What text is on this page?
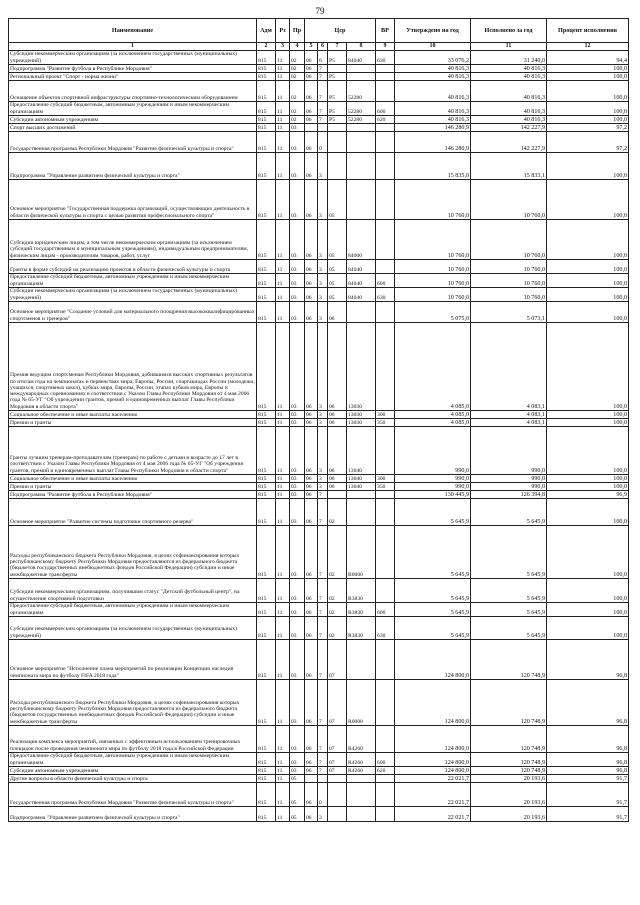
79
Наименование	Адм	Рз	Пр	Цср				ВР	Утверждено на год	Исполнено за год	Процент исполнения
1	2	3	4	5	6	7	8	9	10	11	12
Субсидии некоммерческим организациям (за исключением государственных (муниципальных) учреждений)	815	11	02	06	6	Р5	84040	630	33 076,2	31 240,0	94,4
Подпрограмма "Развитие футбола в Республике Мордовия"	815	11	02	06	7				40 816,3	40 816,3	100,0
Региональный проект "Спорт - норма жизни"	815	11	02	06	7	Р5			40 816,3	40 816,3	100,0
Оснащение объектов спортивной инфраструктуры спортивно-технологическим оборудованием	815	11	02	06	7	Р5	52280		40 816,3	40 816,3	100,0
Предоставление субсидий бюджетным, автономным учреждениям и иным некоммерческим организациям	815	11	02	06	7	Р5	52280	600	40 816,3	40 816,3	100,0
Субсидии автономным учреждениям	815	11	02	06	7	Р5	52280	620	40 816,3	40 816,3	100,0
Спорт высших достижений	815	11	03						146 280,9	142 227,9	97,2
Государственная программа Республики Мордовия "Развитие физической культуры и спорта"	815	11	03	06	0				146 280,9	142 227,9	97,2
Подпрограмма "Управление развитием физической культуры и спорта"	815	11	03	06	3				15 835,0	15 833,1	100,0
Основное мероприятие "Государственная поддержка организаций, осуществляющих деятельность в области физической культуры и спорта с целью развития профессионального спорта"	815	11	03	06	3	05			10 760,0	10 760,0	100,0
Субсидии юридическим лицам, а том числе некоммерческим организациям (за исключением субсидий государственным и муниципальным учреждениям), индивидуальным предпринимателям, физическим лицам - производителям товаров, работ, услуг	815	11	03	06	3	05	84000		10 760,0	10 760,0	100,0
Гранты в форме субсидий на реализацию проектов в области физической культуры и спорта	815	11	03	06	3	05	84040		10 760,0	10 760,0	100,0
Предоставление субсидий бюджетным, автономным учреждениям и иным некоммерческим организациям	815	11	03	06	3	05	84040	600	10 760,0	10 760,0	100,0
Субсидии некоммерческим организациям (за исключением государственных (муниципальных) учреждений)	815	11	03	06	3	05	84040	630	10 760,0	10 760,0	100,0
Основное мероприятие "Создание условий для материального поощрения высококвалифицированных спортсменов и тренеров"	815	11	03	06	3	06			5 075,0	5 073,1	100,0
Премия ведущим спортсменам Республики Мордовия, добившимся высоких спортивных результатов по итогам года на чемпионатах и первенствах мира, Европы, России, спартакиадах России (молодежи, учащихся, спортивных школ), кубках мира, Европы, России, этапах кубков мира, Европы и международных соревнованиях в соответствии с Указом Главы Республики Мордовия от 4 мая 2006 года № 65-УГ "Об учреждении грантов, премий и единовременных выплат Главы Республики Мордовия в области спорта"	815	11	03	06	3	06	13030		4 085,0	4 083,1	100,0
Социальное обеспечение и иные выплаты населению	815	11	03	06	3	06	13030	300	4 085,0	4 083,1	100,0
Премии и гранты	815	11	03	06	3	06	13030	350	4 085,0	4 083,1	100,0
Гранты лучшим тренерам-преподавателям (тренерам) по работе с детьми в возрасте до 17 лет в соответствии с Указом Главы Республики Мордовия от 4 мая 2006 года № 65-УГ "Об учреждении грантов, премий и единовременных выплат Главы Республики Мордовия в области спорта"	815	11	03	06	3	06	13040		990,0	990,0	100,0
Социальное обеспечение и иные выплаты населению	815	11	03	06	3	06	13040	300	990,0	990,0	100,0
Премии и гранты	815	11	03	06	3	06	13040	350	990,0	990,0	100,0
Подпрограмма "Развитие футбола в Республике Мордовия"	815	11	03	06	7				130 445,9	126 394,8	96,9
Основное мероприятие "Развитие системы подготовки спортивного резерва"	815	11	03	06	7	02			5 645,9	5 645,9	100,0
Расходы республиканского бюджета Республики Мордовия, в целях софинансирования которых республиканскому бюджету Республики Мордовия предоставляются из федерального бюджета (бюджетов государственных внебюджетных фондов Российской Федерации) субсидии и иные межбюджетные трансферты	815	11	03	06	7	02	R0000		5 645,9	5 645,9	100,0
Субсидии некоммерческим организациям, получившим статус "Детский футбольный центр", на осуществление спортивной подготовки	815	11	03	06	7	02	R3830		5 645,9	5 645,9	100,0
Предоставление субсидий бюджетным, автономным учреждениям и иным некоммерческим организациям	815	11	03	06	7	02	R3830	600	5 645,9	5 645,9	100,0
Субсидии некоммерческим организациям (за исключением государственных (муниципальных) учреждений)	815	11	03	06	7	02	R3830	630	5 645,9	5 645,9	100,0
Основное мероприятие "Исполнение плана мероприятий по реализации Концепции наследия чемпионата мира по футболу FIFA 2018 года"	815	11	03	06	7	07			124 800,0	120 748,9	96,8
Расходы республиканского бюджета Республики Мордовия, в целях софинансирования которых республиканскому бюджету Республики Мордовия предоставляются из федерального бюджета (бюджетов государственных внебюджетных фондов Российской Федерации) субсидии и иные межбюджетные трансферты	815	11	03	06	7	07	R0000		124 800,0	120 748,9	96,8
Реализация комплекса мероприятий, связанных с эффективным использованием тренировочных площадок после проведения чемпионата мира по футболу 2018 года в Российской Федерации	815	11	03	06	7	07	R4260		124 800,0	120 748,9	96,8
Предоставление субсидий бюджетным, автономным учреждениям и иным некоммерческим организациям	815	11	03	06	7	07	R4260	600	124 800,0	120 748,9	96,8
Субсидии автономным учреждениям	815	11	03	06	7	07	R4260	620	124 800,0	120 748,9	96,8
Другие вопросы в области физической культуры и спорта	815	11	05						22 021,7	20 193,6	91,7
Государственная программа Республики Мордовия "Развитие физической культуры и спорта"	815	11	05	06	0				22 021,7	20 193,6	91,7
Подпрограмма "Управление развитием физической культуры и спорта"	815	11	05	06	3				22 021,7	20 193,6	91,7
